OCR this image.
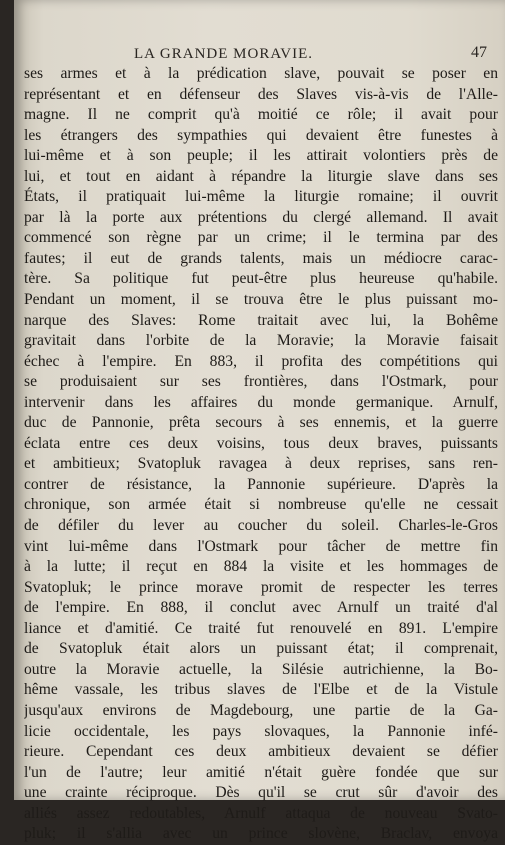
LA GRANDE MORAVIE.	47
ses armes et à la prédication slave, pouvait se poser en
représentant et en défenseur des Slaves vis-à-vis de l'Alle-
magne. Il ne comprit qu'à moitié ce rôle; il avait pour
les étrangers des sympathies qui devaient être funestes à
lui-même et à son peuple; il les attirait volontiers près de
lui, et tout en aidant à répandre la liturgie slave dans ses
États, il pratiquait lui-même la liturgie romaine; il ouvrit
par là la porte aux prétentions du clergé allemand. Il avait
commencé son règne par un crime; il le termina par des
fautes; il eut de grands talents, mais un médiocre carac-
tère. Sa politique fut peut-être plus heureuse qu'habile.
Pendant un moment, il se trouva être le plus puissant mo-
narque des Slaves: Rome traitait avec lui, la Bohême
gravitait dans l'orbite de la Moravie; la Moravie faisait
échec à l'empire. En 883, il profita des compétitions qui
se produisaient sur ses frontières, dans l'Ostmark, pour
intervenir dans les affaires du monde germanique. Arnulf,
duc de Pannonie, prêta secours à ses ennemis, et la guerre
éclata entre ces deux voisins, tous deux braves, puissants
et ambitieux; Svatopluk ravagea à deux reprises, sans ren-
contrer de résistance, la Pannonie supérieure. D'après la
chronique, son armée était si nombreuse qu'elle ne cessait
de défiler du lever au coucher du soleil. Charles-le-Gros
vint lui-même dans l'Ostmark pour tâcher de mettre fin
à la lutte; il reçut en 884 la visite et les hommages de
Svatopluk; le prince morave promit de respecter les terres
de l'empire. En 888, il conclut avec Arnulf un traité d'al
liance et d'amitié. Ce traité fut renouvelé en 891. L'empire
de Svatopluk était alors un puissant état; il comprenait,
outre la Moravie actuelle, la Silésie autrichienne, la Bo-
hême vassale, les tribus slaves de l'Elbe et de la Vistule
jusqu'aux environs de Magdebourg, une partie de la Ga-
licie occidentale, les pays slovaques, la Pannonie infé-
rieure. Cependant ces deux ambitieux devaient se défier
l'un de l'autre; leur amitié n'était guère fondée que sur
une crainte réciproque. Dès qu'il se crut sûr d'avoir des
alliés assez redoutables, Arnulf attaqua de nouveau Svato-
pluk; il s'allia avec un prince slovène, Braclav, envoya
